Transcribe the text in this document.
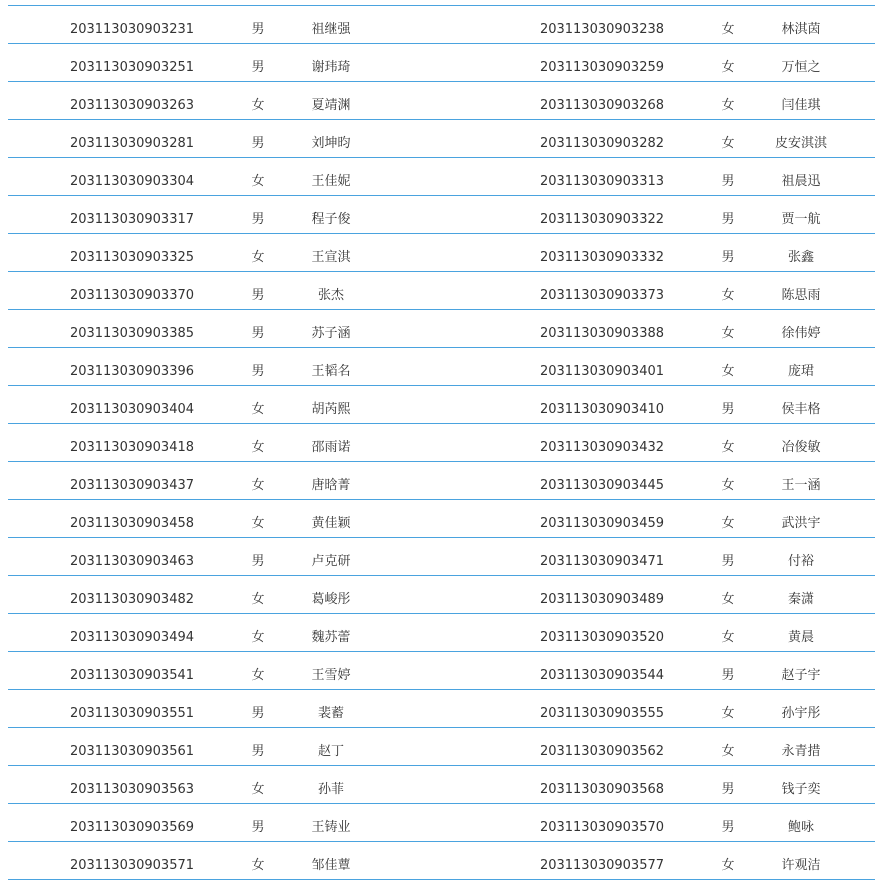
203113030903231	男	祖继强	203113030903238	女	林淇茵
203113030903251	男	谢玮琦	203113030903259	女	万恒之
203113030903263	女	夏靖渊	203113030903268	女	闫佳琪
203113030903281	男	刘坤昀	203113030903282	女	皮安淇淇
203113030903304	女	王佳妮	203113030903313	男	祖晨迅
203113030903317	男	程子俊	203113030903322	男	贾一航
203113030903325	女	王宣淇	203113030903332	男	张鑫
203113030903370	男	张杰	203113030903373	女	陈思雨
203113030903385	男	苏子涵	203113030903388	女	徐伟婷
203113030903396	男	王韬名	203113030903401	女	庞珺
203113030903404	女	胡芮熙	203113030903410	男	侯丰格
203113030903418	女	邵雨诺	203113030903432	女	冶俊敏
203113030903437	女	唐晗菁	203113030903445	女	王一涵
203113030903458	女	黄佳颖	203113030903459	女	武洪宇
203113030903463	男	卢克研	203113030903471	男	付裕
203113030903482	女	葛峻彤	203113030903489	女	秦潇
203113030903494	女	魏苏蕾	203113030903520	女	黄晨
203113030903541	女	王雪婷	203113030903544	男	赵子宇
203113030903551	男	裴蓄	203113030903555	女	孙宇彤
203113030903561	男	赵丁	203113030903562	女	永青措
203113030903563	女	孙菲	203113030903568	男	钱子奕
203113030903569	男	王铸业	203113030903570	男	鲍咏
203113030903571	女	邹佳蕈	203113030903577	女	许观洁
